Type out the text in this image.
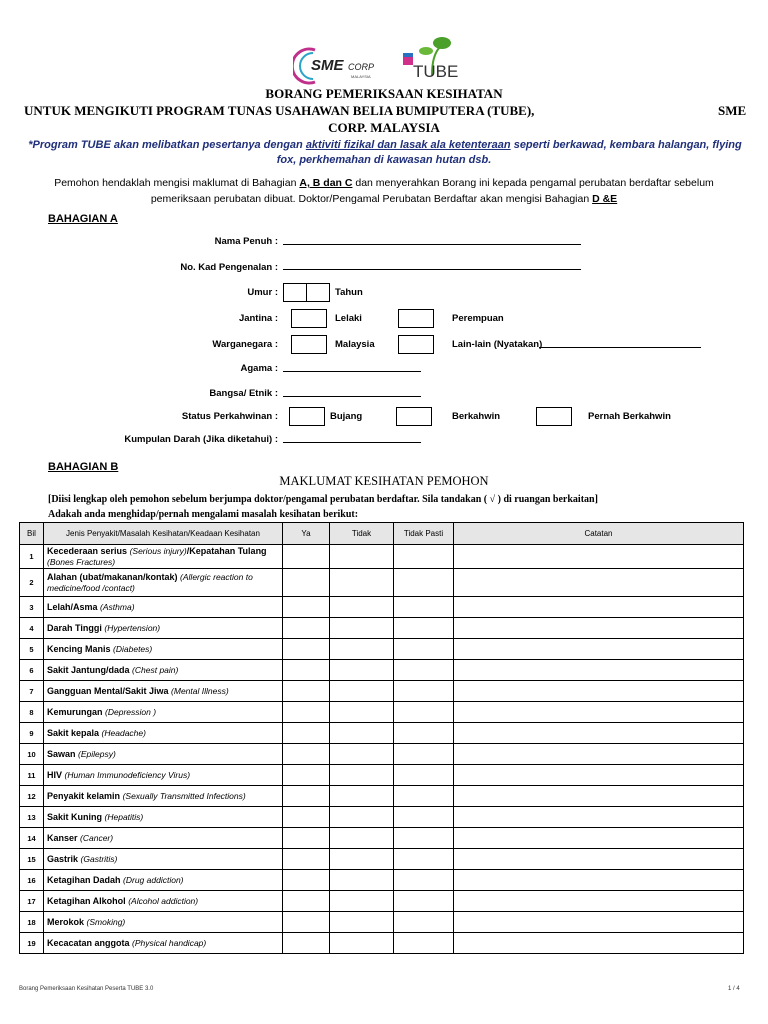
SME CORP
MALAYSIA TUBE
BORANG PEMERIKSAAN KESIHATAN
UNTUK MENGIKUTI PROGRAM TUNAS USAHAWAN BELIA BUMIPUTERA (TUBE),	SME
CORP. MALAYSIA
*Program TUBE akan melibatkan pesertanya dengan aktiviti fizikal dan lasak ala ketenteraan seperti berkawad, kembara halangan, flying
fox, perkhemahan di kawasan hutan dsb.
Pemohon hendaklah mengisi maklumat di Bahagian A, B dan C dan menyerahkan Borang ini kepada pengamal perubatan berdaftar sebelum
pemeriksaan perubatan dibuat. Doktor/Pengamal Perubatan Berdaftar akan mengisi Bahagian D &E
BAHAGIAN A
Nama Penuh :
No. Kad Pengenalan :
Umur :	Tahun
Jantina :	Lelaki	Perempuan
Warganegara :	Malaysia	Lain-lain (Nyatakan)
Agama :
Bangsa/ Etnik :
Status Perkahwinan :	Bujang	Berkahwin	Pernah Berkahwin
Kumpulan Darah (Jika diketahui) :
BAHAGIAN B
MAKLUMAT KESIHATAN PEMOHON
[Diisi lengkap oleh pemohon sebelum berjumpa doktor/pengamal perubatan berdaftar. Sila tandakan ( √ ) di ruangan berkaitan]
Adakah anda menghidap/pernah mengalami masalah kesihatan berikut:
Bil	Jenis Penyakit/Masalah Kesihatan/Keadaan Kesihatan	Ya	Tidak	Tidak Pasti	Catatan
1	Kecederaan serius (Serious injury)/Kepatahan Tulang
(Bones Fractures)				
2	Alahan (ubat/makanan/kontak) (Allergic reaction to medicine/food /contact)				
3	Lelah/Asma (Asthma)				
4	Darah Tinggi (Hypertension)				
5	Kencing Manis (Diabetes)				
6	Sakit Jantung/dada (Chest pain)				
7	Gangguan Mental/Sakit Jiwa (Mental Illness)				
8	Kemurungan (Depression )				
9	Sakit kepala (Headache)				
10	Sawan (Epilepsy)				
11	HIV (Human Immunodeficiency Virus)				
12	Penyakit kelamin (Sexually Transmitted Infections)				
13	Sakit Kuning (Hepatitis)				
14	Kanser (Cancer)				
15	Gastrik (Gastritis)				
16	Ketagihan Dadah (Drug addiction)				
17	Ketagihan Alkohol (Alcohol addiction)				
18	Merokok (Smoking)				
19	Kecacatan anggota (Physical handicap)				
Borang Pemeriksaan Kesihatan Peserta TUBE 3.0	1 / 4
